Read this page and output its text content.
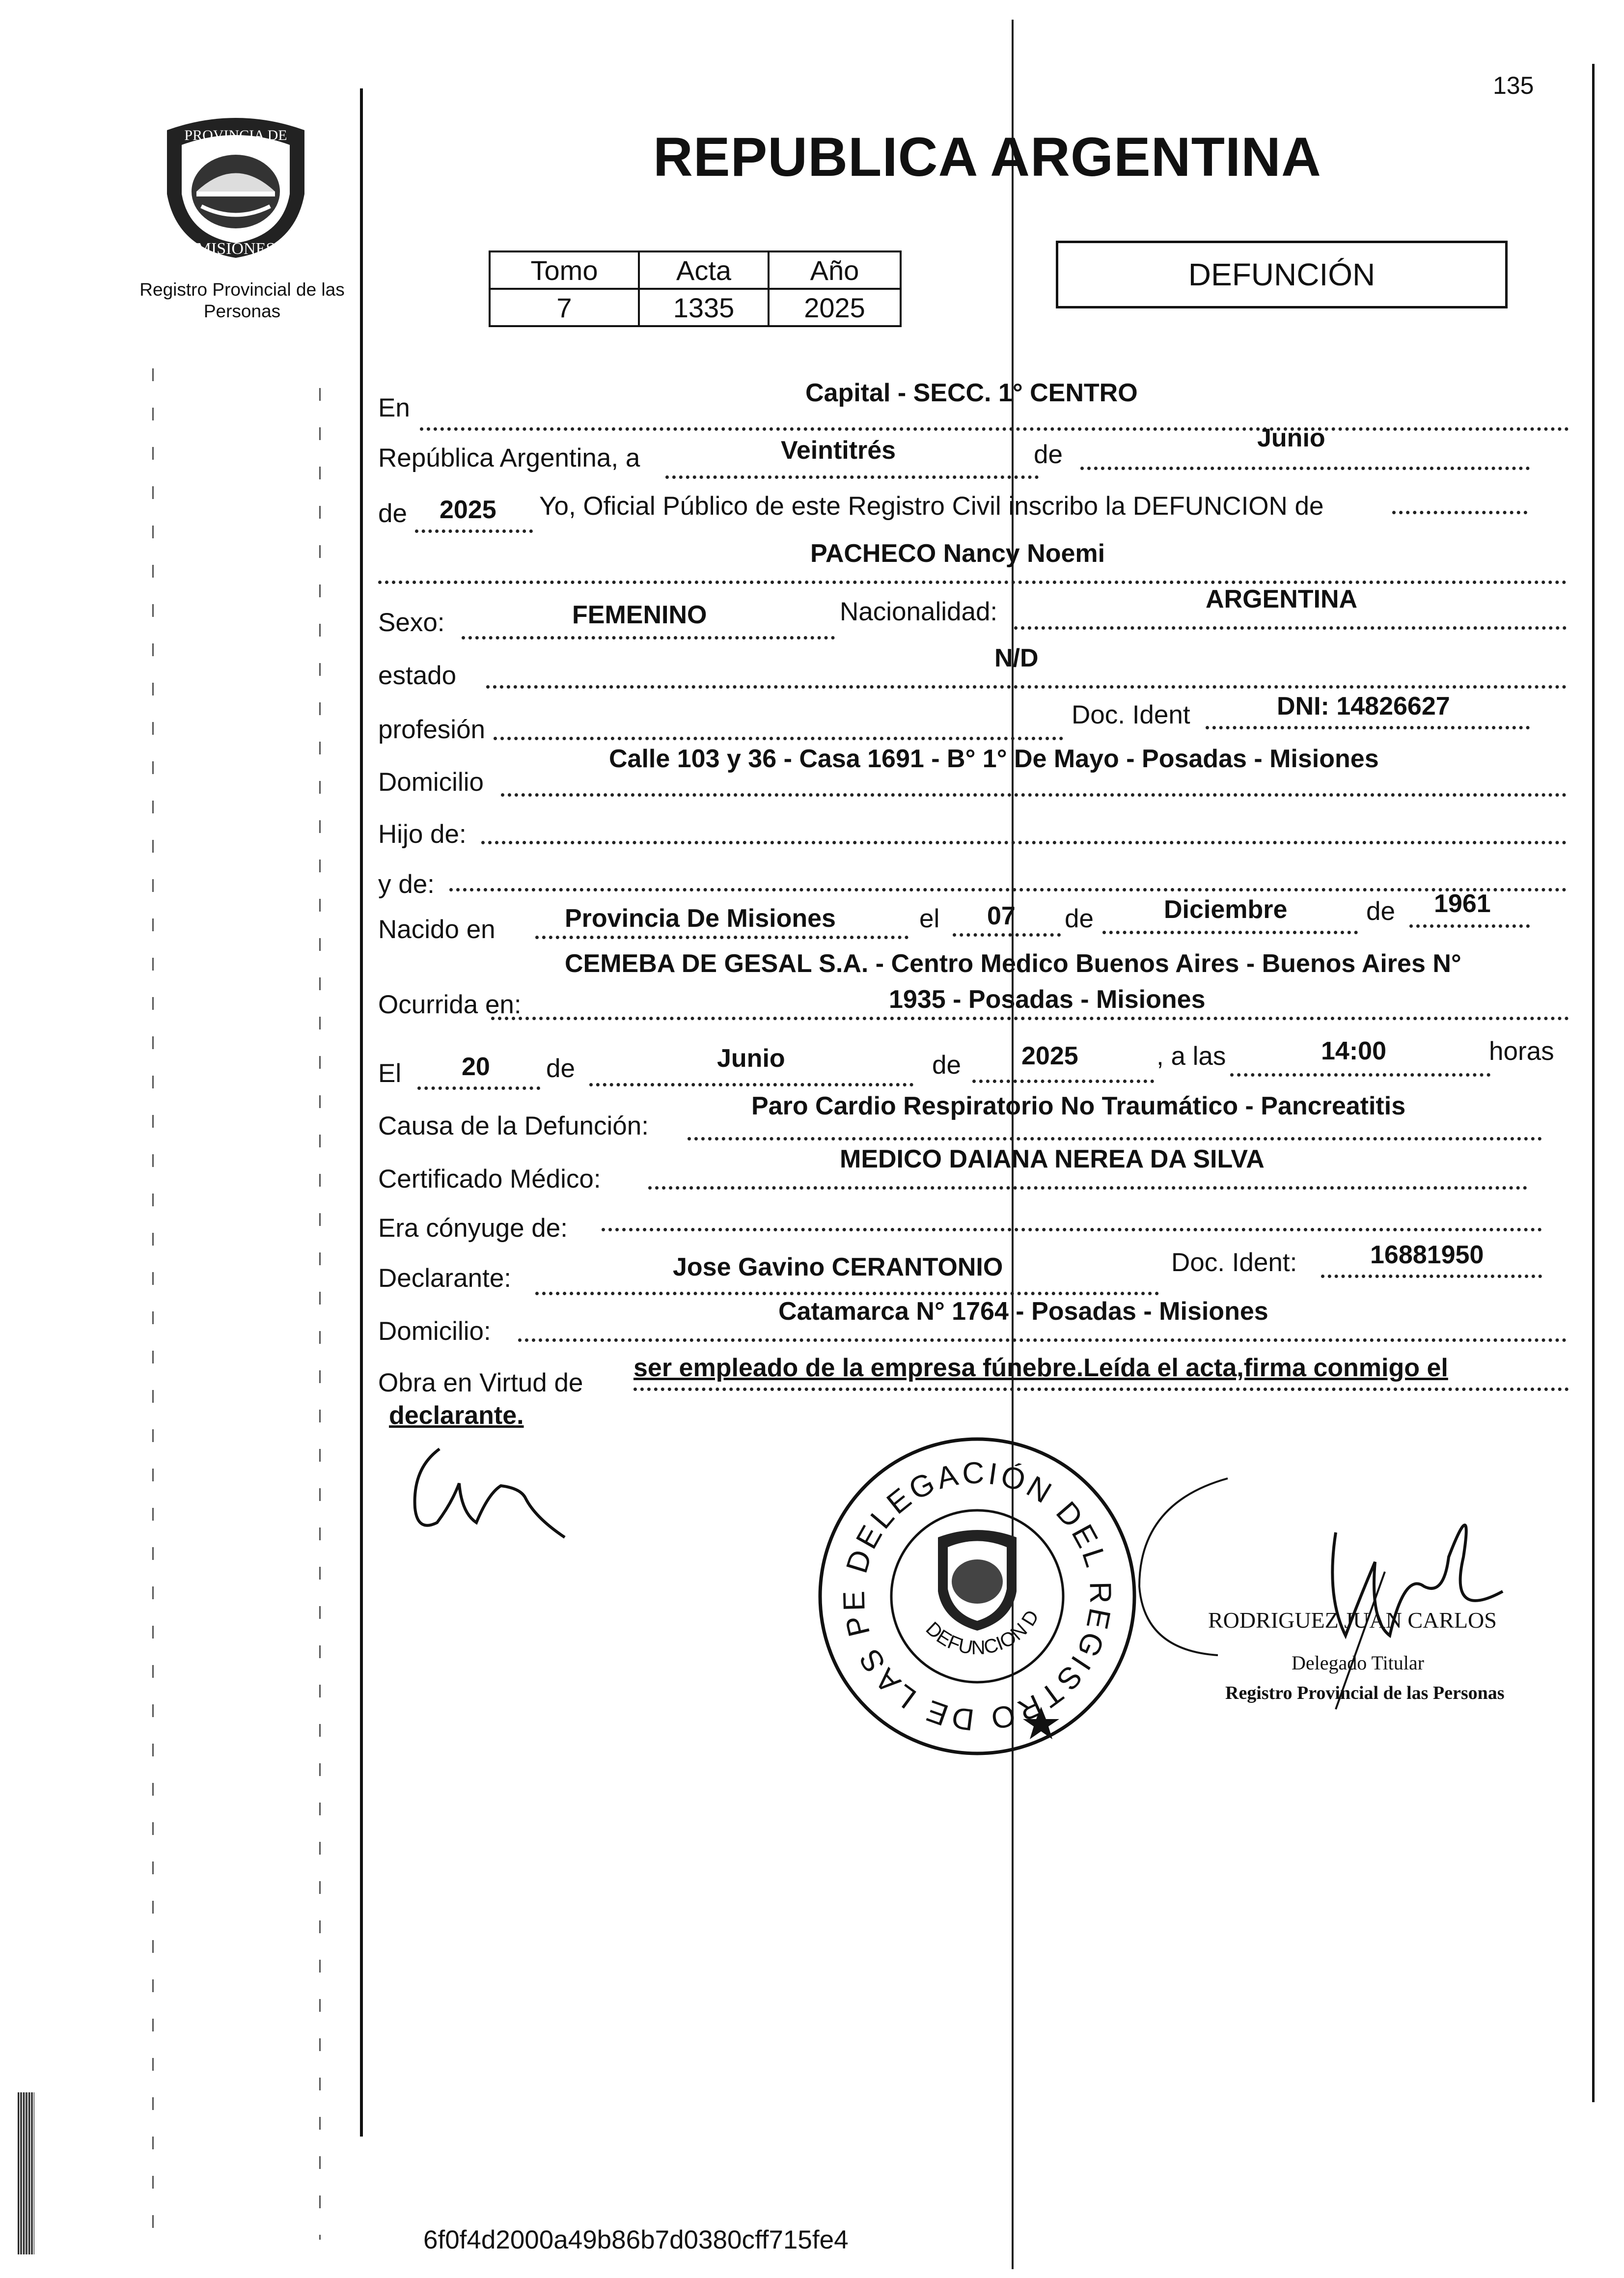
PROVINCIA DE
MISIONES
Registro Provincial de las Personas
135
REPUBLICA ARGENTINA
Tomo	Acta	Año
7	1335	2025
DEFUNCIÓN
En
Capital - SECC. 1° CENTRO
República Argentina, a	Veintitrés	de
Junio
de 2025 Yo, Oficial Público de este Registro Civil inscribo la DEFUNCION de
PACHECO Nancy Noemi
Sexo:	FEMENINO	Nacionalidad:	ARGENTINA
estado
N/D
profesión
Doc. Ident	DNI: 14826627
Domicilio
Calle 103 y 36 - Casa 1691 - B° 1° De Mayo - Posadas - Misiones
Hijo de:
y de:
Nacido en	Provincia De Misiones	el 07 de	Diciembre	de 1961
CEMEBA DE GESAL S.A. - Centro Medico Buenos Aires - Buenos Aires N°
Ocurrida en:	1935 - Posadas - Misiones
El 20 de	Junio	de 2025	, a las	14:00	horas
Causa de la Defunción:
Paro Cardio Respiratorio No Traumático - Pancreatitis
Certificado Médico:
MEDICO DAIANA NEREA DA SILVA
Era cónyuge de:
Declarante:	Jose Gavino CERANTONIO	Doc. Ident:	16881950
Domicilio:
Catamarca N° 1764 - Posadas - Misiones
Obra en Virtud de
ser empleado de la empresa fúnebre.Leída el acta,firma conmigo el
declarante.
DELEGACIÓN DEL REGISTRO DE LAS PE
DEFUNCION D	RODRIGUEZ JUAN CARLOS
Delegado Titular
Registro Provincial de las Personas
6f0f4d2000a49b86b7d0380cff715fe4
